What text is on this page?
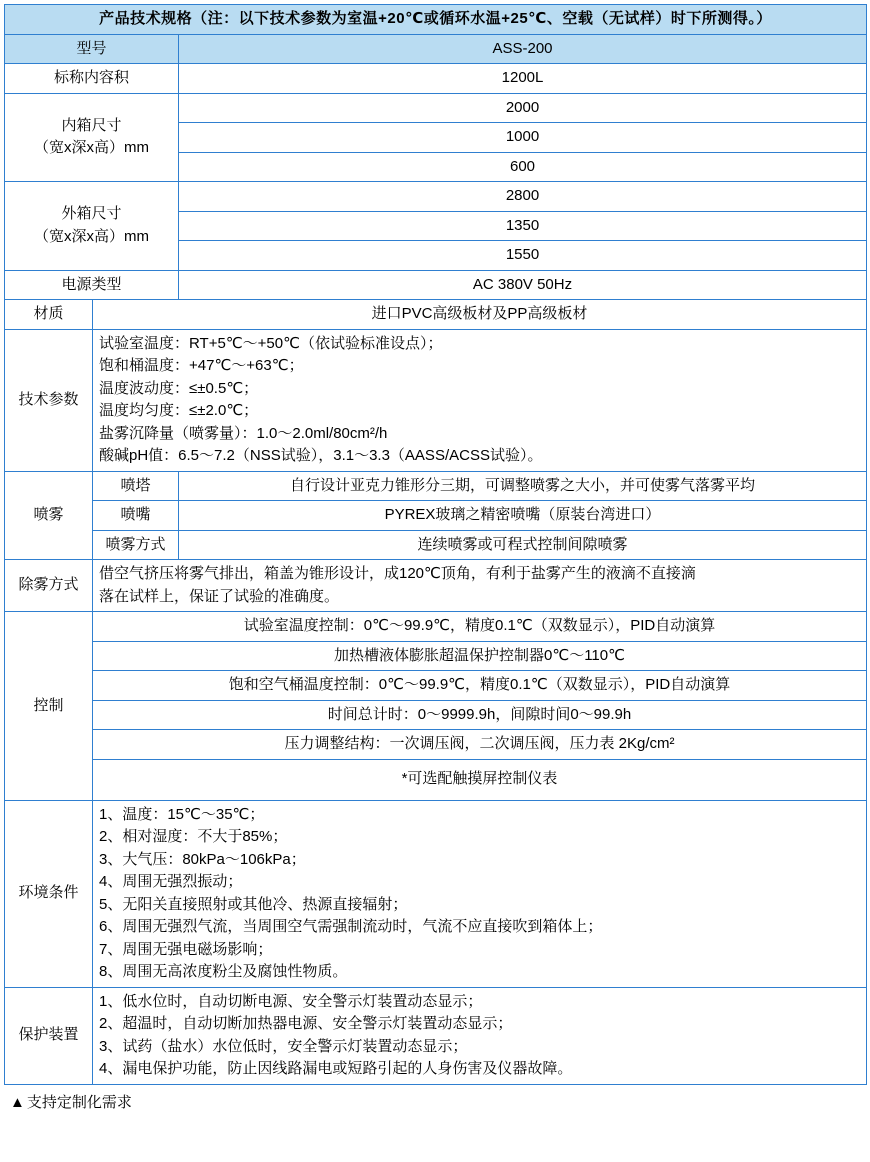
产品技术规格（注：以下技术参数为室温+20℃或循环水温+25℃、空载（无试样）时下所测得。）		
型号		ASS-200
标称内容积		1200L

内箱尺寸
（宽x深x高）mm		2000
		1000
		600

外箱尺寸
（宽x深x高）mm		2800
		1350
		1550
电源类型		AC 380V 50Hz
材质	进口PVC高级板材及PP高级板材	
技术参数	
试验室温度：RT+5℃～+50℃（依试验标准设点）；
饱和桶温度：+47℃～+63℃；
温度波动度：≤±0.5℃；
温度均匀度：≤±2.0℃；
盐雾沉降量（喷雾量）：1.0～2.0ml/80cm²/h
酸碱pH值：6.5～7.2（NSS试验），3.1～3.3（AASS/ACSS试验）。

喷雾	喷塔	自行设计亚克力锥形分三期，可调整喷雾之大小，并可使雾气落雾平均
	喷嘴	PYREX玻璃之精密喷嘴（原装台湾进口）
	喷雾方式	连续喷雾或可程式控制间隙喷雾
除雾方式	借空气挤压将雾气排出，箱盖为锥形设计，成120℃顶角，有利于盐雾产生的液滴不直接滴
落在试样上，保证了试验的准确度。	

控制	试验室温度控制：0℃～99.9℃，精度0.1℃（双数显示），PID自动演算	
	加热槽液体膨胀超温保护控制器0℃～110℃	
	饱和空气桶温度控制：0℃～99.9℃，精度0.1℃（双数显示），PID自动演算	
	时间总计时：0～9999.9h，间隙时间0～99.9h	
	压力调整结构：一次调压阀，二次调压阀，压力表 2Kg/cm²	
	*可选配触摸屏控制仪表	
环境条件	
1、温度：15℃～35℃；
2、相对湿度：不大于85%；
3、大气压：80kPa～106kPa；
4、周围无强烈振动；
5、无阳关直接照射或其他冷、热源直接辐射；
6、周围无强烈气流，当周围空气需强制流动时，气流不应直接吹到箱体上；
7、周围无强电磁场影响；
8、周围无高浓度粉尘及腐蚀性物质。

保护装置	1、低水位时，自动切断电源、安全警示灯装置动态显示；
2、超温时，自动切断加热器电源、安全警示灯装置动态显示；
3、试药（盐水）水位低时，安全警示灯装置动态显示；
4、漏电保护功能，防止因线路漏电或短路引起的人身伤害及仪器故障。	
▲ 支持定制化需求
